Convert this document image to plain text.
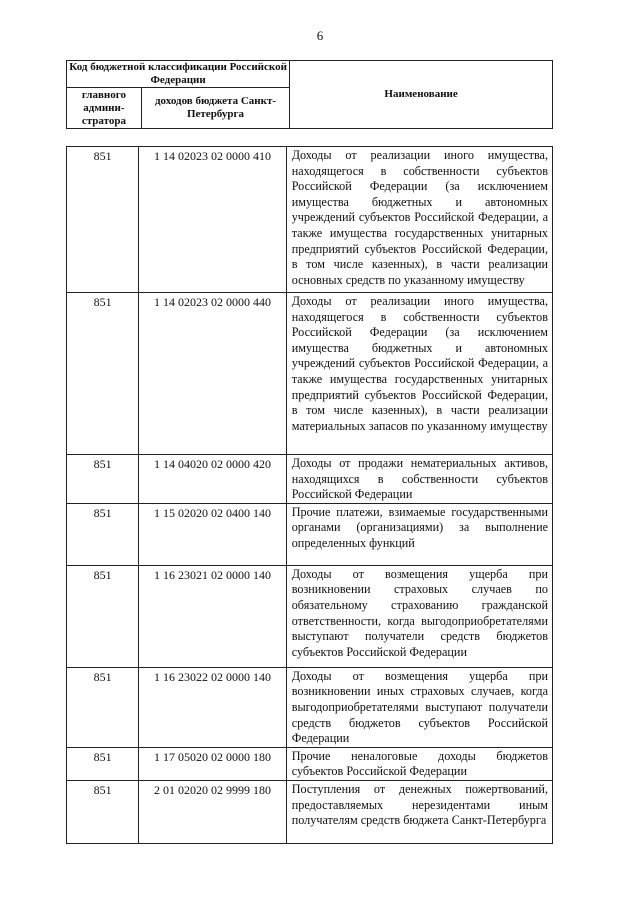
6
Код бюджетной классификации Российской Федерации		Наименование
главного админи-стратора	доходов бюджета Санкт-Петербурга	
851	1 14 02023 02 0000 410	Доходы от реализации иного имущества, находящегося в собственности субъектов Российской Федерации (за исключением имущества бюджетных и автономных учреждений субъектов Российской Федерации, а также имущества государственных унитарных предприятий субъектов Российской Федерации, в том числе казенных), в части реализации основных средств по указанному имуществу
851	1 14 02023 02 0000 440	Доходы от реализации иного имущества, находящегося в собственности субъектов Российской Федерации (за исключением имущества бюджетных и автономных учреждений субъектов Российской Федерации, а также имущества государственных унитарных предприятий субъектов Российской Федерации, в том числе казенных), в части реализации материальных запасов по указанному имуществу
851	1 14 04020 02 0000 420	Доходы от продажи нематериальных активов, находящихся в собственности субъектов Российской Федерации
851	1 15 02020 02 0400 140	Прочие платежи, взимаемые государственными органами (организациями) за выполнение определенных функций
851	1 16 23021 02 0000 140	Доходы от возмещения ущерба при возникновении страховых случаев по обязательному страхованию гражданской ответственности, когда выгодоприобретателями выступают получатели средств бюджетов субъектов Российской Федерации
851	1 16 23022 02 0000 140	Доходы от возмещения ущерба при возникновении иных страховых случаев, когда выгодоприобретателями выступают получатели средств бюджетов субъектов Российской Федерации
851	1 17 05020 02 0000 180	Прочие неналоговые доходы бюджетов субъектов Российской Федерации
851	2 01 02020 02 9999 180	Поступления от денежных пожертвований, предоставляемых нерезидентами иным получателям средств бюджета Санкт-Петербурга
